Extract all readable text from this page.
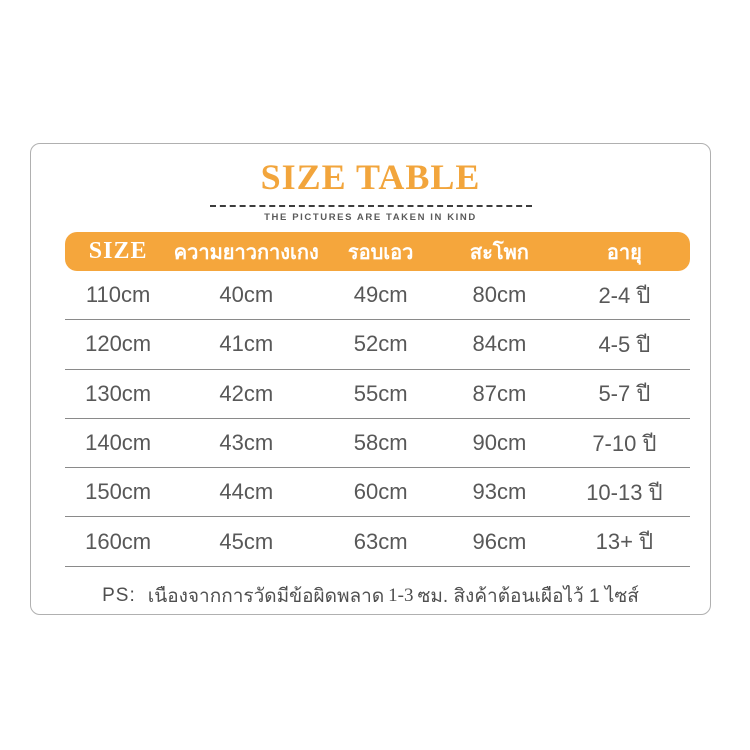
SIZE TABLE
THE PICTURES ARE TAKEN IN KIND
SIZE	ความยาวกางเกง	รอบเอว	สะโพก	อายุ
110cm	40cm	49cm	80cm	2-4 ปี
120cm	41cm	52cm	84cm	4-5 ปี
130cm	42cm	55cm	87cm	5-7 ปี
140cm	43cm	58cm	90cm	7-10 ปี
150cm	44cm	60cm	93cm	10-13 ปี
160cm	45cm	63cm	96cm	13+ ปี

PS: เนืองจากการวัดมีข้อผิดพลาด 1-3 ซม. สิงค้าต้อนเผือไว้ 1 ไซส์
